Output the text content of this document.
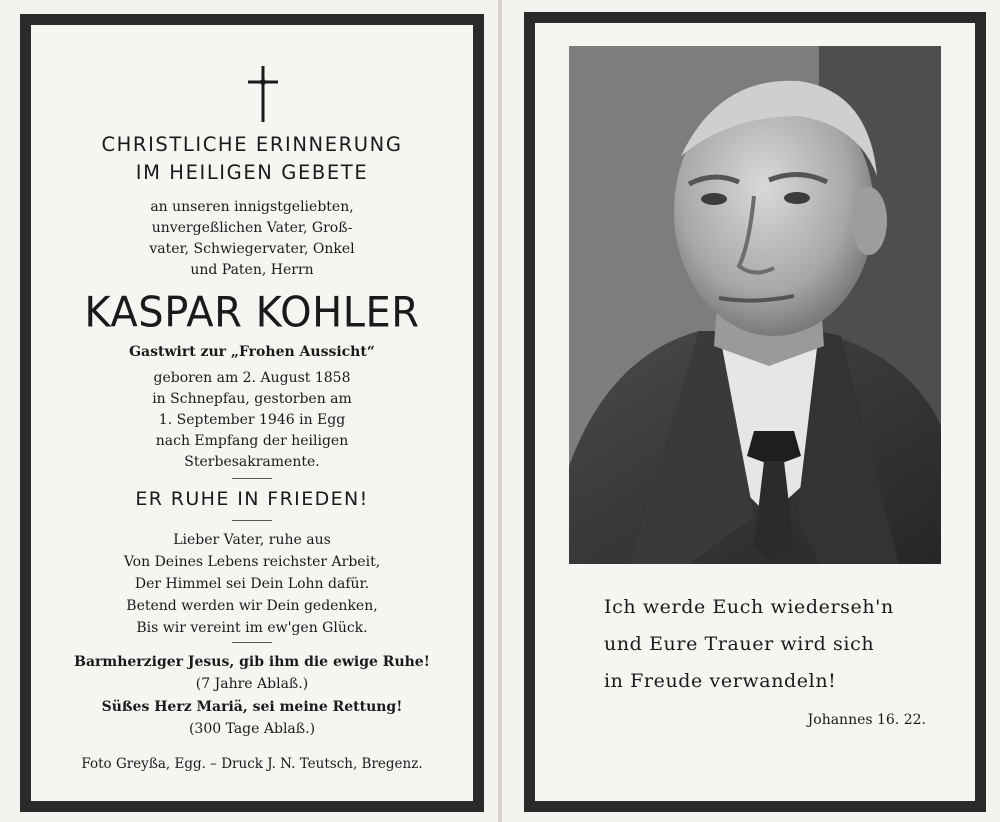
CHRISTLICHE ERINNERUNG
IM HEILIGEN GEBETE
an unseren innigstgeliebten,
unvergeßlichen Vater, Groß-
vater, Schwiegervater, Onkel
und Paten, Herrn
KASPAR KOHLER
Gastwirt zur „Frohen Aussicht“
geboren am 2. August 1858
in Schnepfau, gestorben am
1. September 1946 in Egg
nach Empfang der heiligen
Sterbesakramente.
ER RUHE IN FRIEDEN!
Lieber Vater, ruhe aus
Von Deines Lebens reichster Arbeit,
Der Himmel sei Dein Lohn dafür.
Betend werden wir Dein gedenken,
Bis wir vereint im ew'gen Glück.
Barmherziger Jesus, gib ihm die ewige Ruhe!
(7 Jahre Ablaß.)
Süßes Herz Mariä, sei meine Rettung!
(300 Tage Ablaß.)
Foto Greyßa, Egg. – Druck J. N. Teutsch, Bregenz.
Ich werde Euch wiederseh'n
und Eure Trauer wird sich
in Freude verwandeln!
Johannes 16. 22.
